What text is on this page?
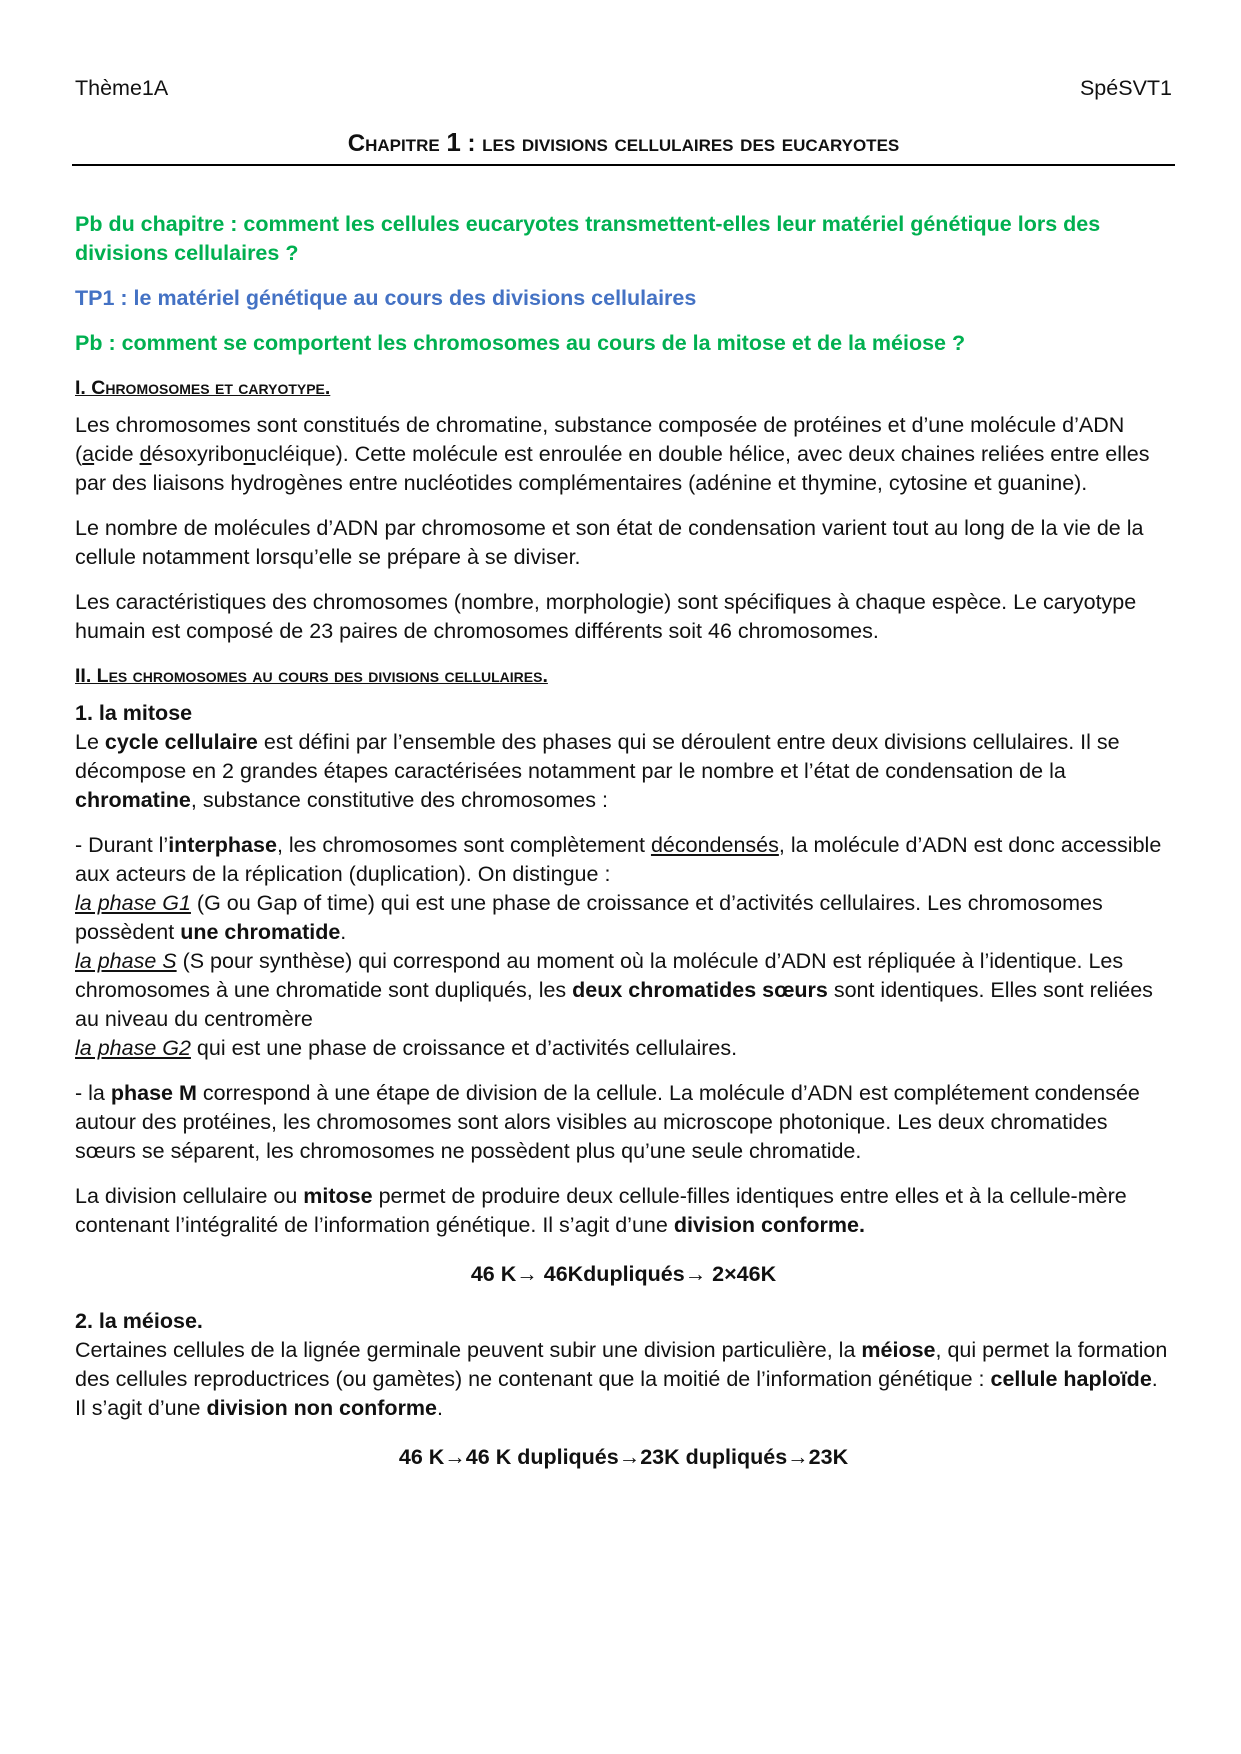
Thème1A	SpéSVT1
Chapitre 1 : les divisions cellulaires des eucaryotes

Pb du chapitre : comment les cellules eucaryotes transmettent-elles leur matériel génétique lors des divisions cellulaires ?

TP1 : le matériel génétique au cours des divisions cellulaires

Pb : comment se comportent les chromosomes au cours de la mitose et de la méiose ?

I. Chromosomes et caryotype.

Les chromosomes sont constitués de chromatine, substance composée de protéines et d’une molécule d’ADN (acide désoxyribonucléique). Cette molécule est enroulée en double hélice, avec deux chaines reliées entre elles par des liaisons hydrogènes entre nucléotides complémentaires (adénine et thymine, cytosine et guanine).

Le nombre de molécules d’ADN par chromosome et son état de condensation varient tout au long de la vie de la cellule notamment lorsqu’elle se prépare à se diviser.

Les caractéristiques des chromosomes (nombre, morphologie) sont spécifiques à chaque espèce. Le caryotype humain est composé de 23 paires de chromosomes différents soit 46 chromosomes.

II. Les chromosomes au cours des divisions cellulaires.

1. la mitose

Le cycle cellulaire est défini par l’ensemble des phases qui se déroulent entre deux divisions cellulaires. Il se décompose en 2 grandes étapes caractérisées notamment par le nombre et l’état de condensation de la chromatine, substance constitutive des chromosomes :

- Durant l’interphase, les chromosomes sont complètement décondensés, la molécule d’ADN est donc accessible aux acteurs de la réplication (duplication). On distingue :
la phase G1 (G ou Gap of time) qui est une phase de croissance et d’activités cellulaires. Les chromosomes possèdent une chromatide.
la phase S (S pour synthèse) qui correspond au moment où la molécule d’ADN est répliquée à l’identique. Les chromosomes à une chromatide sont dupliqués, les deux chromatides sœurs sont identiques. Elles sont reliées au niveau du centromère
la phase G2 qui est une phase de croissance et d’activités cellulaires.

- la phase M correspond à une étape de division de la cellule. La molécule d’ADN est complétement condensée autour des protéines, les chromosomes sont alors visibles au microscope photonique. Les deux chromatides sœurs se séparent, les chromosomes ne possèdent plus qu’une seule chromatide.

La division cellulaire ou mitose permet de produire deux cellule-filles identiques entre elles et à la cellule-mère contenant l’intégralité de l’information génétique. Il s’agit d’une division conforme.

46 K→ 46Kdupliqués→ 2×46K

2. la méiose.

Certaines cellules de la lignée germinale peuvent subir une division particulière, la méiose, qui permet la formation des cellules reproductrices (ou gamètes) ne contenant que la moitié de l’information génétique : cellule haploïde. Il s’agit d’une division non conforme.

46 K→46 K dupliqués→23K dupliqués→23K
